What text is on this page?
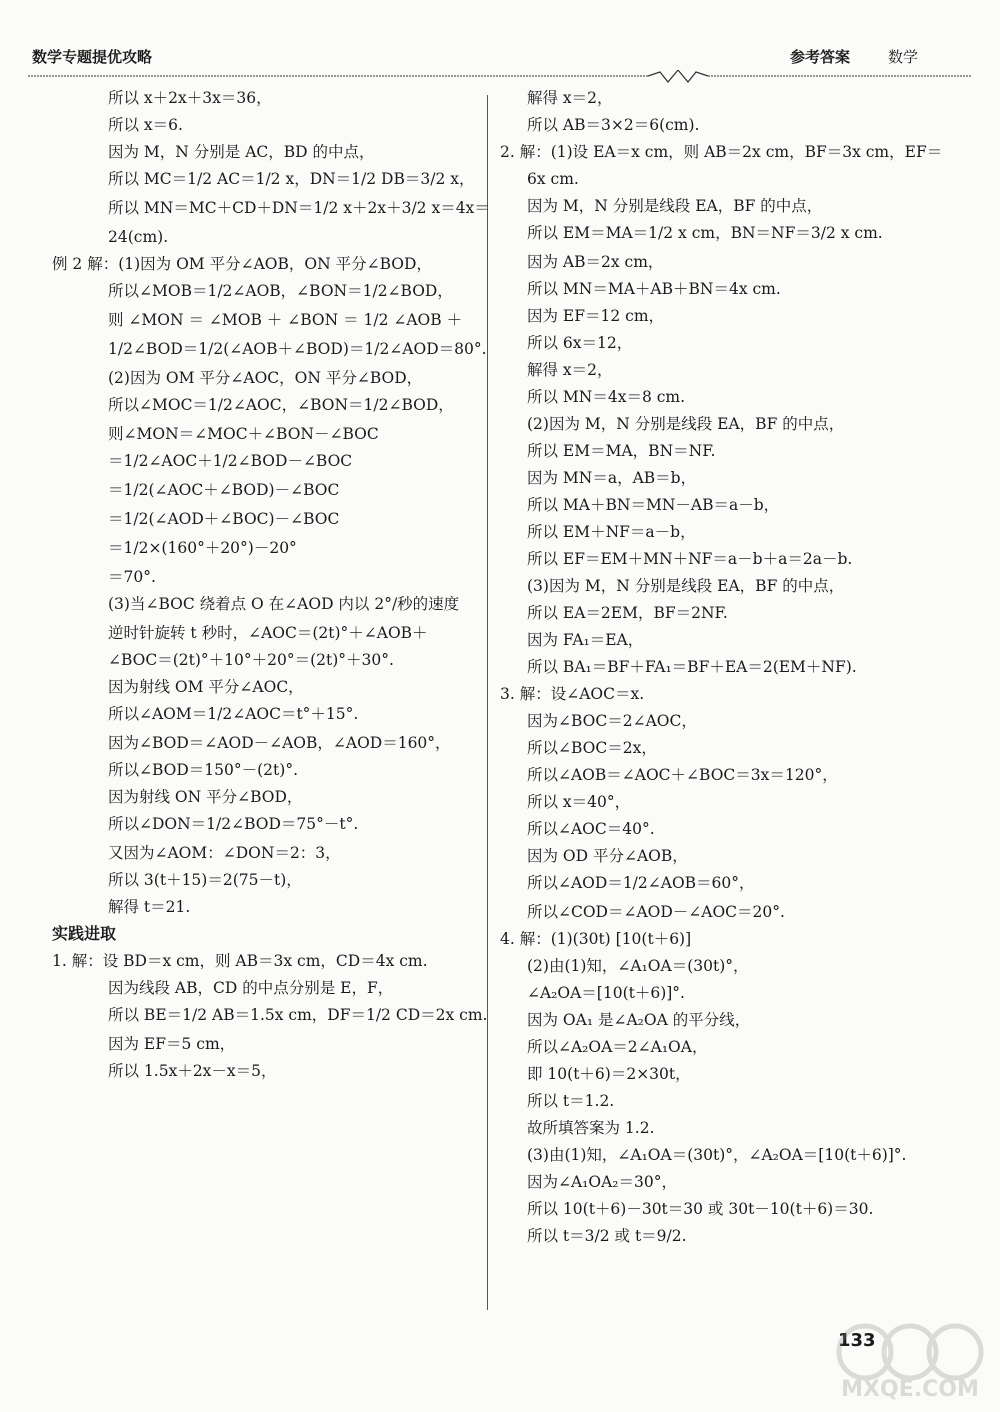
数学专题提优攻略	参考答案	数学
所以 x＋2x＋3x＝36，
所以 x＝6.
因为 M，N 分别是 AC，BD 的中点，
所以 MC＝1/2 AC＝1/2 x，DN＝1/2 DB＝3/2 x，
所以 MN＝MC＋CD＋DN＝1/2 x＋2x＋3/2 x＝4x＝
24(cm).
例 2 解：(1)因为 OM 平分∠AOB，ON 平分∠BOD，
所以∠MOB＝1/2∠AOB，∠BON＝1/2∠BOD，
则 ∠MON ＝ ∠MOB ＋ ∠BON ＝ 1/2 ∠AOB ＋
1/2∠BOD＝1/2(∠AOB＋∠BOD)＝1/2∠AOD＝80°.
(2)因为 OM 平分∠AOC，ON 平分∠BOD，
所以∠MOC＝1/2∠AOC，∠BON＝1/2∠BOD，
则∠MON＝∠MOC＋∠BON－∠BOC
＝1/2∠AOC＋1/2∠BOD－∠BOC
＝1/2(∠AOC＋∠BOD)－∠BOC
＝1/2(∠AOD＋∠BOC)－∠BOC
＝1/2×(160°＋20°)－20°
＝70°.
(3)当∠BOC 绕着点 O 在∠AOD 内以 2°/秒的速度
逆时针旋转 t 秒时，∠AOC＝(2t)°＋∠AOB＋
∠BOC＝(2t)°＋10°＋20°＝(2t)°＋30°.
因为射线 OM 平分∠AOC，
所以∠AOM＝1/2∠AOC＝t°＋15°.
因为∠BOD＝∠AOD－∠AOB，∠AOD＝160°，
所以∠BOD＝150°－(2t)°.
因为射线 ON 平分∠BOD，
所以∠DON＝1/2∠BOD＝75°－t°.
又因为∠AOM：∠DON＝2：3，
所以 3(t＋15)＝2(75－t)，
解得 t＝21.
实践进取
1. 解：设 BD＝x cm，则 AB＝3x cm，CD＝4x cm.
因为线段 AB，CD 的中点分别是 E，F，
所以 BE＝1/2 AB＝1.5x cm，DF＝1/2 CD＝2x cm.
因为 EF＝5 cm，
所以 1.5x＋2x－x＝5，
解得 x＝2，
所以 AB＝3×2＝6(cm).
2. 解：(1)设 EA＝x cm，则 AB＝2x cm，BF＝3x cm，EF＝
6x cm.
因为 M，N 分别是线段 EA，BF 的中点，
所以 EM＝MA＝1/2 x cm，BN＝NF＝3/2 x cm.
因为 AB＝2x cm，
所以 MN＝MA＋AB＋BN＝4x cm.
因为 EF＝12 cm，
所以 6x＝12，
解得 x＝2，
所以 MN＝4x＝8 cm.
(2)因为 M，N 分别是线段 EA，BF 的中点，
所以 EM＝MA，BN＝NF.
因为 MN＝a，AB＝b，
所以 MA＋BN＝MN－AB＝a－b，
所以 EM＋NF＝a－b，
所以 EF＝EM＋MN＋NF＝a－b＋a＝2a－b.
(3)因为 M，N 分别是线段 EA，BF 的中点，
所以 EA＝2EM，BF＝2NF.
因为 FA₁＝EA，
所以 BA₁＝BF＋FA₁＝BF＋EA＝2(EM＋NF).
3. 解：设∠AOC＝x.
因为∠BOC＝2∠AOC，
所以∠BOC＝2x，
所以∠AOB＝∠AOC＋∠BOC＝3x＝120°，
所以 x＝40°，
所以∠AOC＝40°.
因为 OD 平分∠AOB，
所以∠AOD＝1/2∠AOB＝60°，
所以∠COD＝∠AOD－∠AOC＝20°.
4. 解：(1)(30t) [10(t＋6)]
(2)由(1)知，∠A₁OA＝(30t)°，
∠A₂OA＝[10(t＋6)]°.
因为 OA₁ 是∠A₂OA 的平分线，
所以∠A₂OA＝2∠A₁OA，
即 10(t＋6)＝2×30t，
所以 t＝1.2.
故所填答案为 1.2.
(3)由(1)知，∠A₁OA＝(30t)°，∠A₂OA＝[10(t＋6)]°.
因为∠A₁OA₂＝30°，
所以 10(t＋6)－30t＝30 或 30t－10(t＋6)＝30.
所以 t＝3/2 或 t＝9/2.
133
MXQE.COM
